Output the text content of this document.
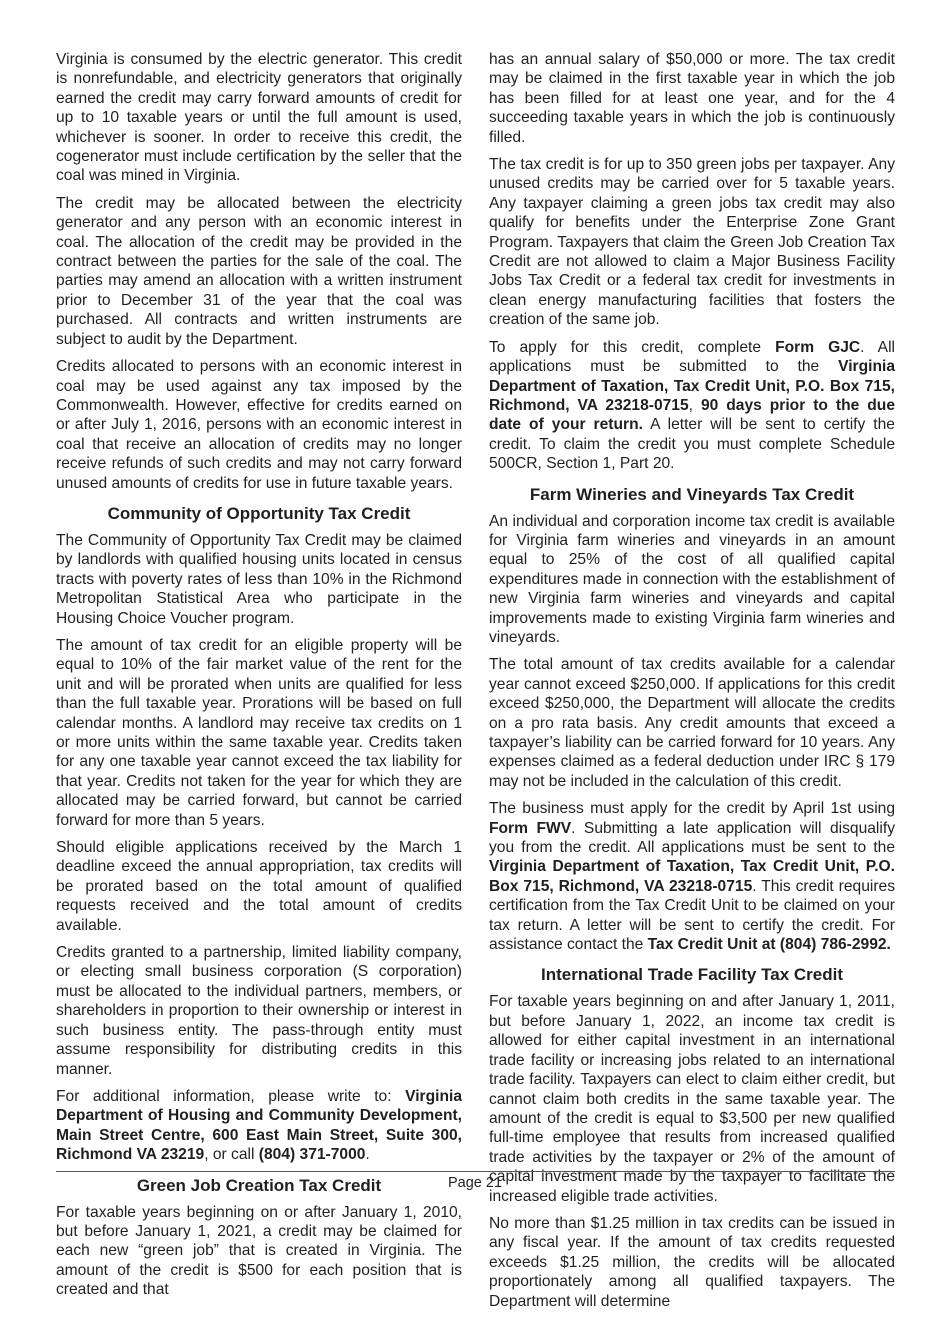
Virginia is consumed by the electric generator. This credit is nonrefundable, and electricity generators that originally earned the credit may carry forward amounts of credit for up to 10 taxable years or until the full amount is used, whichever is sooner. In order to receive this credit, the cogenerator must include certification by the seller that the coal was mined in Virginia.

The credit may be allocated between the electricity generator and any person with an economic interest in coal. The allocation of the credit may be provided in the contract between the parties for the sale of the coal. The parties may amend an allocation with a written instrument prior to December 31 of the year that the coal was purchased. All contracts and written instruments are subject to audit by the Department.

Credits allocated to persons with an economic interest in coal may be used against any tax imposed by the Commonwealth. However, effective for credits earned on or after July 1, 2016, persons with an economic interest in coal that receive an allocation of credits may no longer receive refunds of such credits and may not carry forward unused amounts of credits for use in future taxable years.

Community of Opportunity Tax Credit

The Community of Opportunity Tax Credit may be claimed by landlords with qualified housing units located in census tracts with poverty rates of less than 10% in the Richmond Metropolitan Statistical Area who participate in the Housing Choice Voucher program.

The amount of tax credit for an eligible property will be equal to 10% of the fair market value of the rent for the unit and will be prorated when units are qualified for less than the full taxable year. Prorations will be based on full calendar months. A landlord may receive tax credits on 1 or more units within the same taxable year. Credits taken for any one taxable year cannot exceed the tax liability for that year. Credits not taken for the year for which they are allocated may be carried forward, but cannot be carried forward for more than 5 years.

Should eligible applications received by the March 1 deadline exceed the annual appropriation, tax credits will be prorated based on the total amount of qualified requests received and the total amount of credits available.

Credits granted to a partnership, limited liability company, or electing small business corporation (S corporation) must be allocated to the individual partners, members, or shareholders in proportion to their ownership or interest in such business entity. The pass-through entity must assume responsibility for distributing credits in this manner.

For additional information, please write to: Virginia Department of Housing and Community Development, Main Street Centre, 600 East Main Street, Suite 300, Richmond VA 23219, or call (804) 371-7000.

Green Job Creation Tax Credit

For taxable years beginning on or after January 1, 2010, but before January 1, 2021, a credit may be claimed for each new “green job” that is created in Virginia. The amount of the credit is $500 for each position that is created and that

has an annual salary of $50,000 or more. The tax credit may be claimed in the first taxable year in which the job has been filled for at least one year, and for the 4 succeeding taxable years in which the job is continuously filled.

The tax credit is for up to 350 green jobs per taxpayer. Any unused credits may be carried over for 5 taxable years. Any taxpayer claiming a green jobs tax credit may also qualify for benefits under the Enterprise Zone Grant Program. Taxpayers that claim the Green Job Creation Tax Credit are not allowed to claim a Major Business Facility Jobs Tax Credit or a federal tax credit for investments in clean energy manufacturing facilities that fosters the creation of the same job.

To apply for this credit, complete Form GJC. All applications must be submitted to the Virginia Department of Taxation, Tax Credit Unit, P.O. Box 715, Richmond, VA 23218-0715, 90 days prior to the due date of your return. A letter will be sent to certify the credit. To claim the credit you must complete Schedule 500CR, Section 1, Part 20.

Farm Wineries and Vineyards Tax Credit

An individual and corporation income tax credit is available for Virginia farm wineries and vineyards in an amount equal to 25% of the cost of all qualified capital expenditures made in connection with the establishment of new Virginia farm wineries and vineyards and capital improvements made to existing Virginia farm wineries and vineyards.

The total amount of tax credits available for a calendar year cannot exceed $250,000. If applications for this credit exceed $250,000, the Department will allocate the credits on a pro rata basis. Any credit amounts that exceed a taxpayer’s liability can be carried forward for 10 years. Any expenses claimed as a federal deduction under IRC § 179 may not be included in the calculation of this credit.

The business must apply for the credit by April 1st using Form FWV. Submitting a late application will disqualify you from the credit. All applications must be sent to the Virginia Department of Taxation, Tax Credit Unit, P.O. Box 715, Richmond, VA 23218-0715. This credit requires certification from the Tax Credit Unit to be claimed on your tax return. A letter will be sent to certify the credit. For assistance contact the Tax Credit Unit at (804) 786-2992.

International Trade Facility Tax Credit

For taxable years beginning on and after January 1, 2011, but before January 1, 2022, an income tax credit is allowed for either capital investment in an international trade facility or increasing jobs related to an international trade facility. Taxpayers can elect to claim either credit, but cannot claim both credits in the same taxable year. The amount of the credit is equal to $3,500 per new qualified full-time employee that results from increased qualified trade activities by the taxpayer or 2% of the amount of capital investment made by the taxpayer to facilitate the increased eligible trade activities.

No more than $1.25 million in tax credits can be issued in any fiscal year. If the amount of tax credits requested exceeds $1.25 million, the credits will be allocated proportionately among all qualified taxpayers. The Department will determine

Page 21
